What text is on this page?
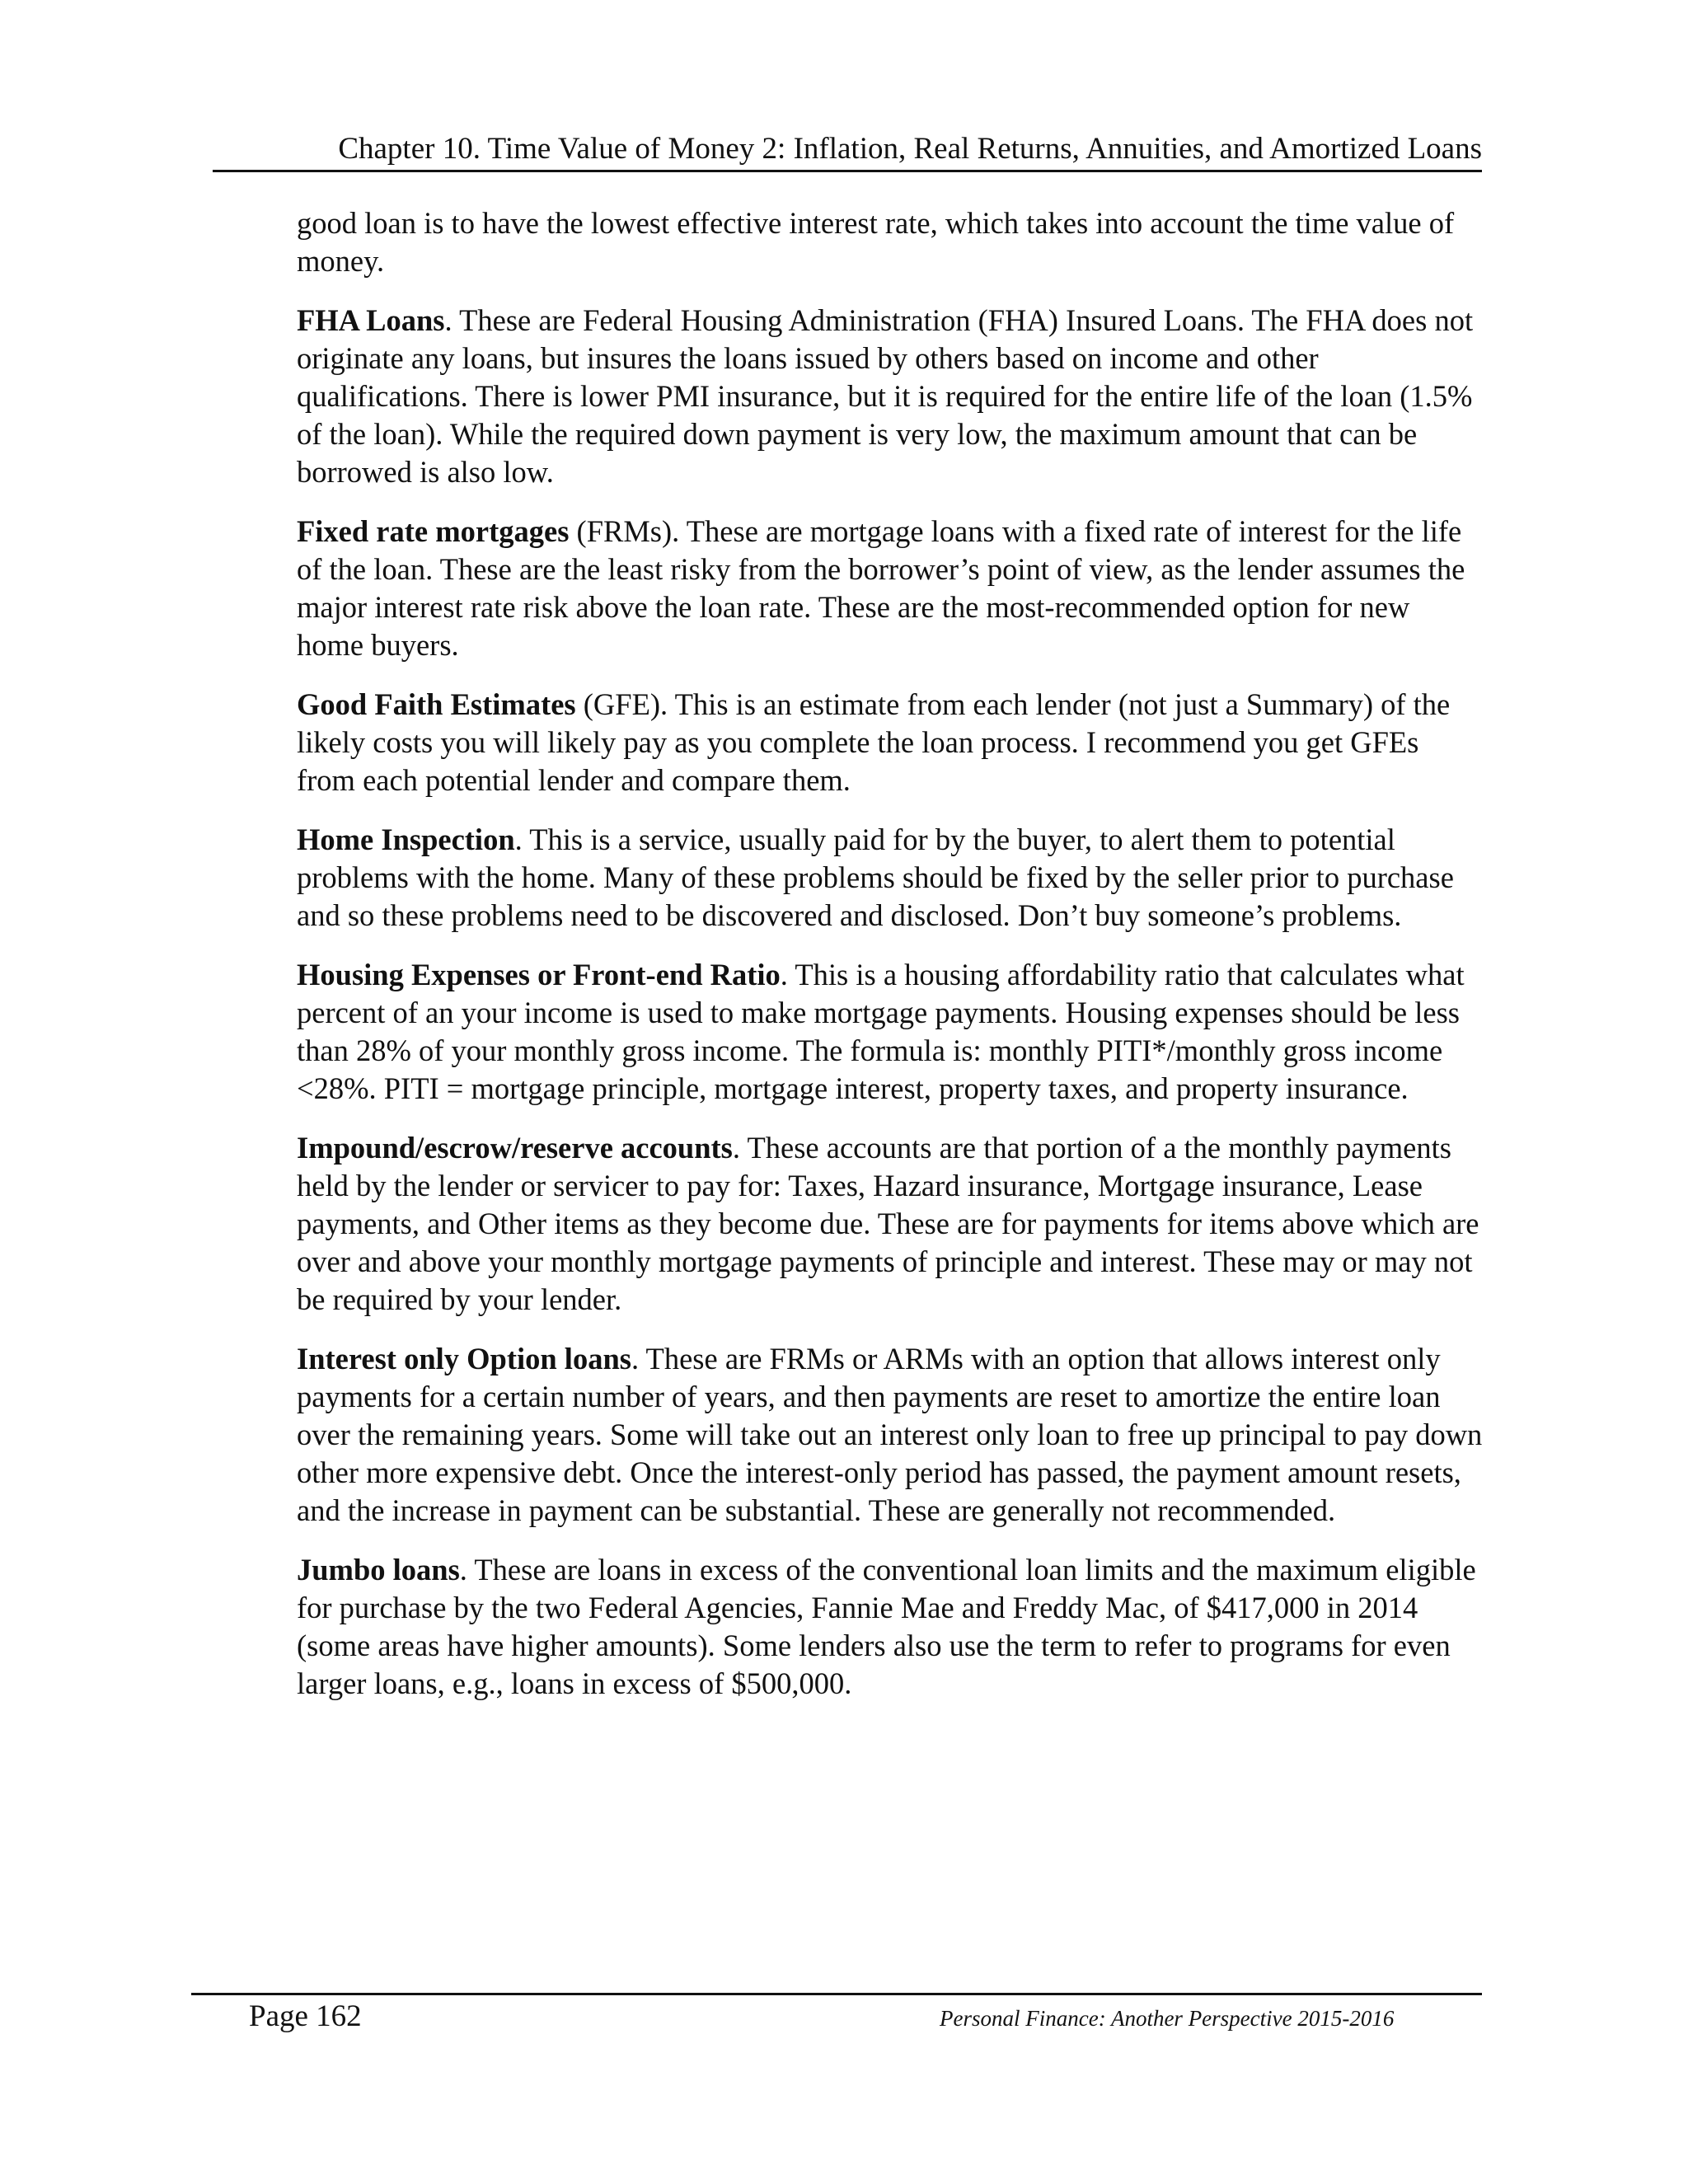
Chapter 10. Time Value of Money 2: Inflation, Real Returns, Annuities, and Amortized Loans

good loan is to have the lowest effective interest rate, which takes into account the time value of money.

FHA Loans. These are Federal Housing Administration (FHA) Insured Loans. The FHA does not originate any loans, but insures the loans issued by others based on income and other qualifications. There is lower PMI insurance, but it is required for the entire life of the loan (1.5% of the loan). While the required down payment is very low, the maximum amount that can be borrowed is also low.

Fixed rate mortgages (FRMs). These are mortgage loans with a fixed rate of interest for the life of the loan. These are the least risky from the borrower’s point of view, as the lender assumes the major interest rate risk above the loan rate. These are the most-recommended option for new home buyers.

Good Faith Estimates (GFE). This is an estimate from each lender (not just a Summary) of the likely costs you will likely pay as you complete the loan process. I recommend you get GFEs from each potential lender and compare them.

Home Inspection. This is a service, usually paid for by the buyer, to alert them to potential problems with the home. Many of these problems should be fixed by the seller prior to purchase and so these problems need to be discovered and disclosed. Don’t buy someone’s problems.

Housing Expenses or Front-end Ratio. This is a housing affordability ratio that calculates what percent of an your income is used to make mortgage payments. Housing expenses should be less than 28% of your monthly gross income. The formula is: monthly PITI*/monthly gross income <28%. PITI = mortgage principle, mortgage interest, property taxes, and property insurance.

Impound/escrow/reserve accounts. These accounts are that portion of a the monthly payments held by the lender or servicer to pay for: Taxes, Hazard insurance, Mortgage insurance, Lease payments, and Other items as they become due. These are for payments for items above which are over and above your monthly mortgage payments of principle and interest. These may or may not be required by your lender.

Interest only Option loans. These are FRMs or ARMs with an option that allows interest only payments for a certain number of years, and then payments are reset to amortize the entire loan over the remaining years. Some will take out an interest only loan to free up principal to pay down other more expensive debt. Once the interest-only period has passed, the payment amount resets, and the increase in payment can be substantial. These are generally not recommended.

Jumbo loans. These are loans in excess of the conventional loan limits and the maximum eligible for purchase by the two Federal Agencies, Fannie Mae and Freddy Mac, of $417,000 in 2014 (some areas have higher amounts). Some lenders also use the term to refer to programs for even larger loans, e.g., loans in excess of $500,000.

Page 162	Personal Finance: Another Perspective 2015-2016
